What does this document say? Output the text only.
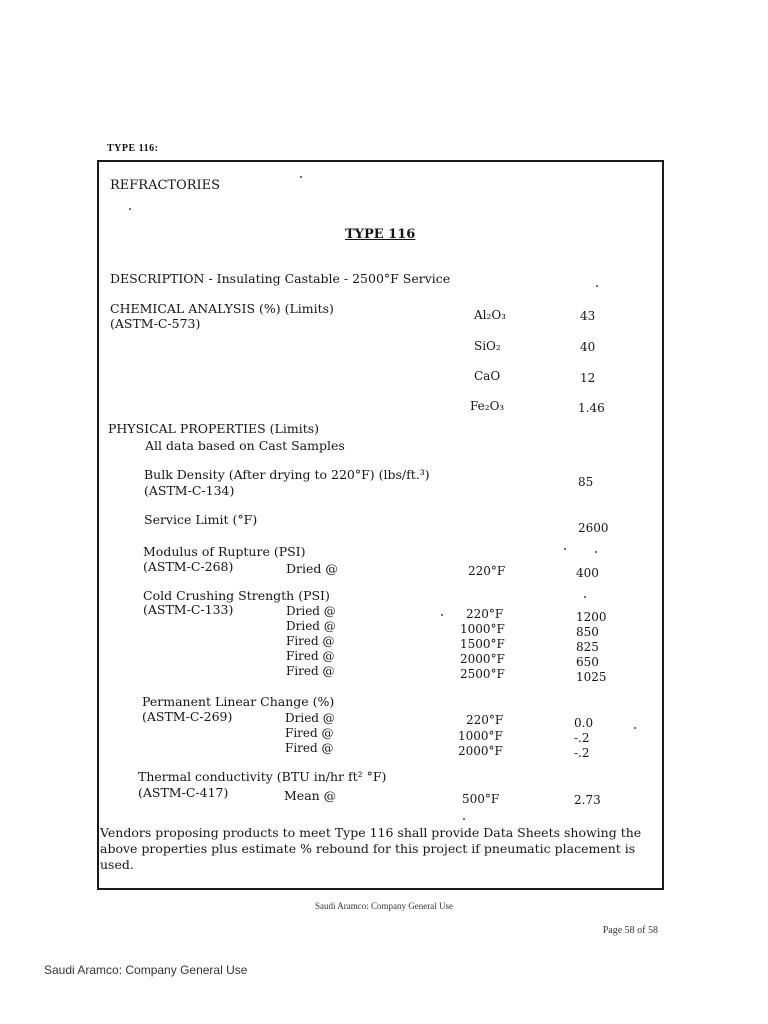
TYPE 116:
REFRACTORIES
TYPE 116
DESCRIPTION - Insulating Castable - 2500°F Service
CHEMICAL ANALYSIS (%) (Limits)
(ASTM-C-573)
Al₂O₃	43
SiO₂	40
CaO	12
Fe₂O₃	1.46
PHYSICAL PROPERTIES (Limits)
All data based on Cast Samples
Bulk Density (After drying to 220°F) (lbs/ft.³)
(ASTM-C-134)
85
Service Limit (°F)
2600
Modulus of Rupture (PSI)
(ASTM-C-268)	Dried @	220°F	400
Cold Crushing Strength (PSI)
(ASTM-C-133)	Dried @	220°F	1200
Dried @	1000°F	850
Fired @	1500°F	825
Fired @	2000°F	650
Fired @	2500°F	1025
Permanent Linear Change (%)
(ASTM-C-269)	Dried @	220°F	0.0
Fired @	1000°F	-.2
Fired @	2000°F	-.2
Thermal conductivity (BTU in/hr ft² °F)
(ASTM-C-417)	Mean @	500°F	2.73
Vendors proposing products to meet Type 116 shall provide Data Sheets showing the above properties plus estimate % rebound for this project if pneumatic placement is used.
Saudi Aramco: Company General Use
Page 58 of 58
Saudi Aramco: Company General Use
